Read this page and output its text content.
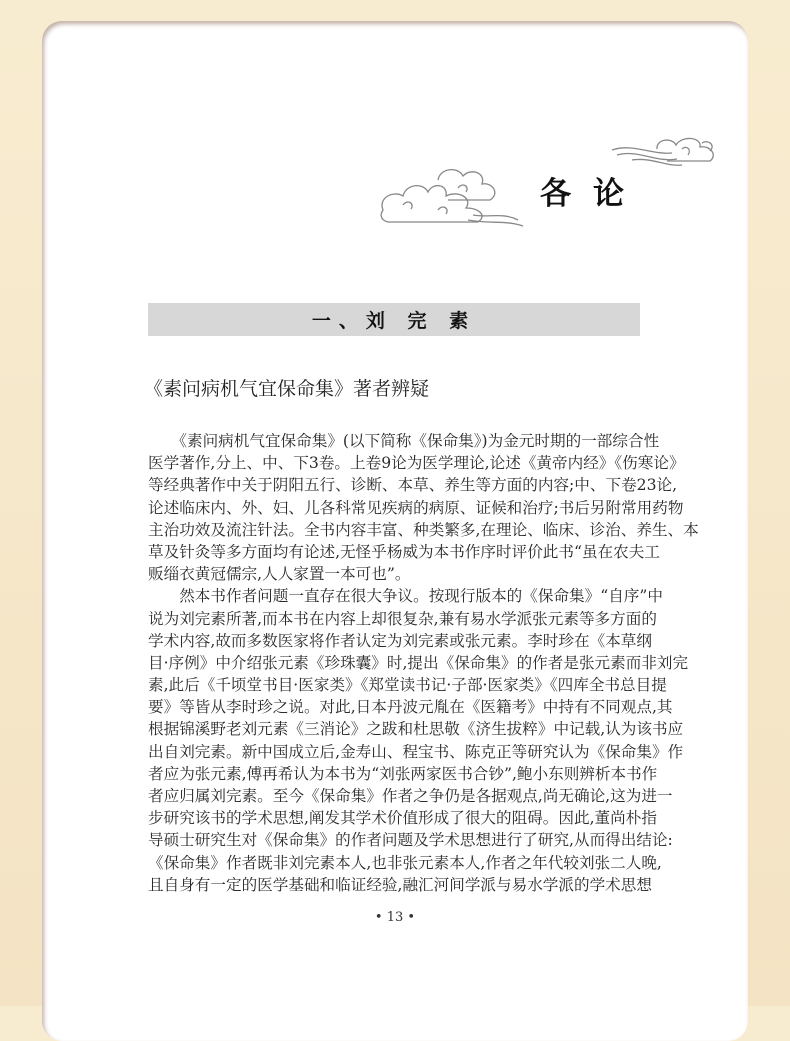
各论
一、刘 完 素
《素问病机气宜保命集》著者辨疑
　　《素问病机气宜保命集》(以下简称《保命集》)为金元时期的一部综合性
医学著作,分上、中、下3卷。上卷9论为医学理论,论述《黄帝内经》《伤寒论》
等经典著作中关于阴阳五行、诊断、本草、养生等方面的内容;中、下卷23论,
论述临床内、外、妇、儿各科常见疾病的病原、证候和治疗;书后另附常用药物
主治功效及流注针法。全书内容丰富、种类繁多,在理论、临床、诊治、养生、本
草及针灸等多方面均有论述,无怪乎杨威为本书作序时评价此书“虽在农夫工
贩缁衣黄冠儒宗,人人家置一本可也”。
　　然本书作者问题一直存在很大争议。按现行版本的《保命集》“自序”中
说为刘完素所著,而本书在内容上却很复杂,兼有易水学派张元素等多方面的
学术内容,故而多数医家将作者认定为刘完素或张元素。李时珍在《本草纲
目·序例》中介绍张元素《珍珠囊》时,提出《保命集》的作者是张元素而非刘完
素,此后《千顷堂书目·医家类》《郑堂读书记·子部·医家类》《四库全书总目提
要》等皆从李时珍之说。对此,日本丹波元胤在《医籍考》中持有不同观点,其
根据锦溪野老刘元素《三消论》之跋和杜思敬《济生拔粹》中记载,认为该书应
出自刘完素。新中国成立后,金寿山、程宝书、陈克正等研究认为《保命集》作
者应为张元素,傅再希认为本书为“刘张两家医书合钞”,鲍小东则辨析本书作
者应归属刘完素。至今《保命集》作者之争仍是各据观点,尚无确论,这为进一
步研究该书的学术思想,阐发其学术价值形成了很大的阻碍。因此,董尚朴指
导硕士研究生对《保命集》的作者问题及学术思想进行了研究,从而得出结论:
《保命集》作者既非刘完素本人,也非张元素本人,作者之年代较刘张二人晚,
且自身有一定的医学基础和临证经验,融汇河间学派与易水学派的学术思想
• 13 •
